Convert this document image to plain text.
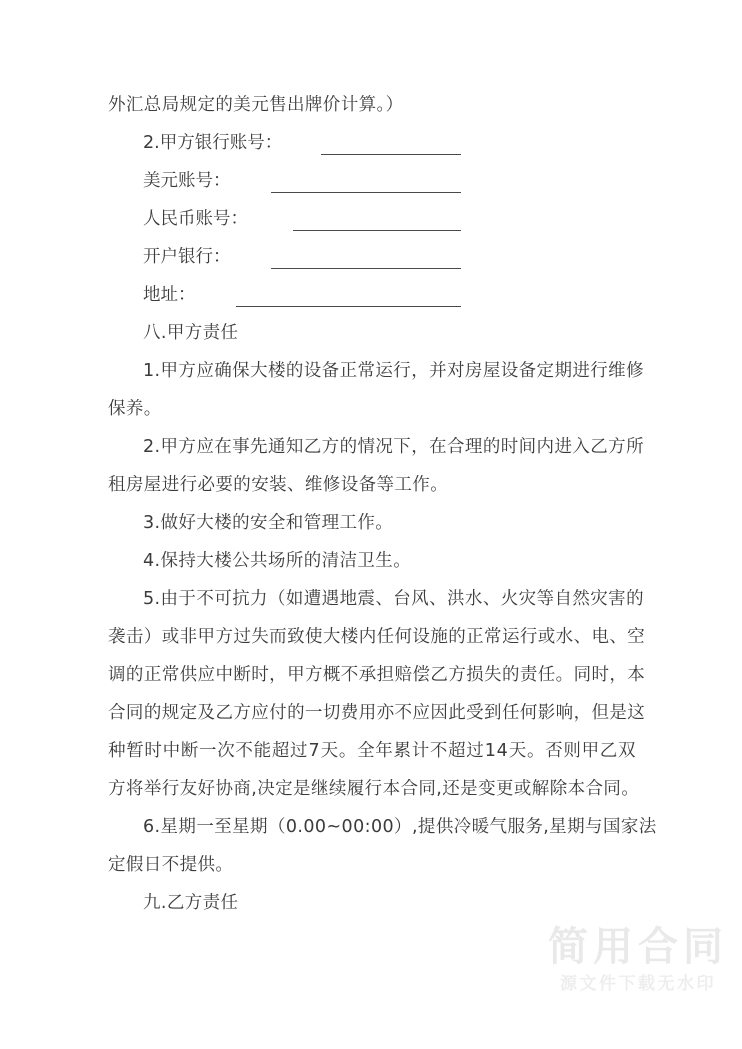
外汇总局规定的美元售出牌价计算。）
2.甲方银行账号：
美元账号：
人民币账号：
开户银行：
地址：
八.甲方责任
1 . 甲 方 应 确 保 大 楼 的 设 备 正 常 运 行 ， 并 对 房 屋 设 备 定 期 进 行 维 修
保养。
2 . 甲 方 应 在 事 先 通 知 乙 方 的 情 况 下 ， 在 合 理 的 时 间 内 进 入 乙 方 所
租房屋进行必要的安装、维修设备等工作。
3.做好大楼的安全和管理工作。
4.保持大楼公共场所的清洁卫生。
5 . 由 于 不 可 抗 力 （ 如 遭 遇 地 震 、 台 风 、 洪 水 、 火 灾 等 自 然 灾 害 的
袭 击 ） 或 非 甲 方 过 失 而 致 使 大 楼 内 任 何 设 施 的 正 常 运 行 或 水 、 电 、 空
调 的 正 常 供 应 中 断 时 ， 甲 方 概 不 承 担 赔 偿 乙 方 损 失 的 责 任 。 同 时 ， 本
合 同 的 规 定 及 乙 方 应 付 的 一 切 费 用 亦 不 应 因 此 受 到 任 何 影 响 ， 但 是 这
种 暂 时 中 断 一 次 不 能 超 过 7 天 。 全 年 累 计 不 超 过 1 4 天 。 否 则 甲 乙 双
方 将 举 行 友 好 协 商 , 决 定 是 继 续 履 行 本 合 同 , 还 是 变 更 或 解 除 本 合 同 。
6 . 星 期 一 至 星 期 （ 0 . 0 0 ~ 0 0 : 0 0 ） , 提 供 冷 暖 气 服 务 , 星 期 与 国 家 法
定假日不提供。
九.乙方责任
简用合同
源文件下载无水印
